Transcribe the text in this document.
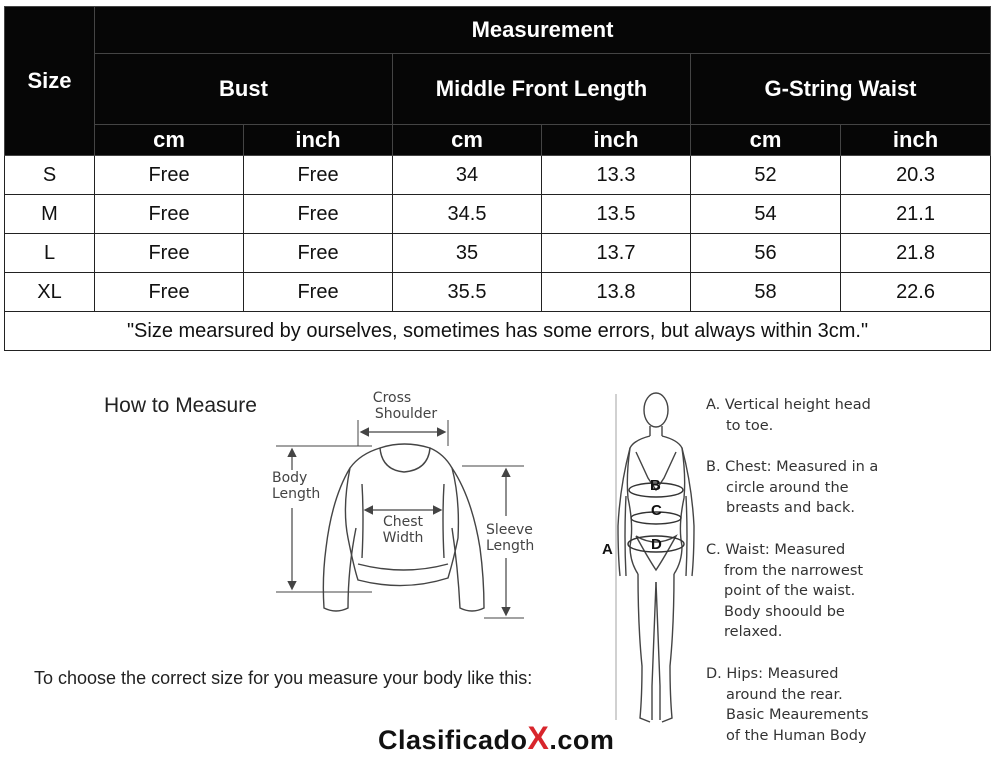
Size	Measurement					
	Bust		Middle Front Length		G-String Waist	
	cm	inch	cm	inch	cm	inch
S	Free	Free	34	13.3	52	20.3
M	Free	Free	34.5	13.5	54	21.1
L	Free	Free	35	13.7	56	21.8
XL	Free	Free	35.5	13.8	58	22.6
"Size mearsured by ourselves, sometimes has some errors, but always within 3cm."						
How to Measure	Cross
Shoulder
Chest
Width
Body
Length
Sleeve
Length
To choose the correct size for you measure your body like this:
B
C
D
A
A. Vertical height head
to toe.
B. Chest: Measured in a
circle around the
breasts and back.
C. Waist: Measured
from the narrowest
point of the waist.
Body shoould be
relaxed.
D. Hips: Measured
around the rear.
Basic Meaurements
of the Human Body
ClasificadoX.com
